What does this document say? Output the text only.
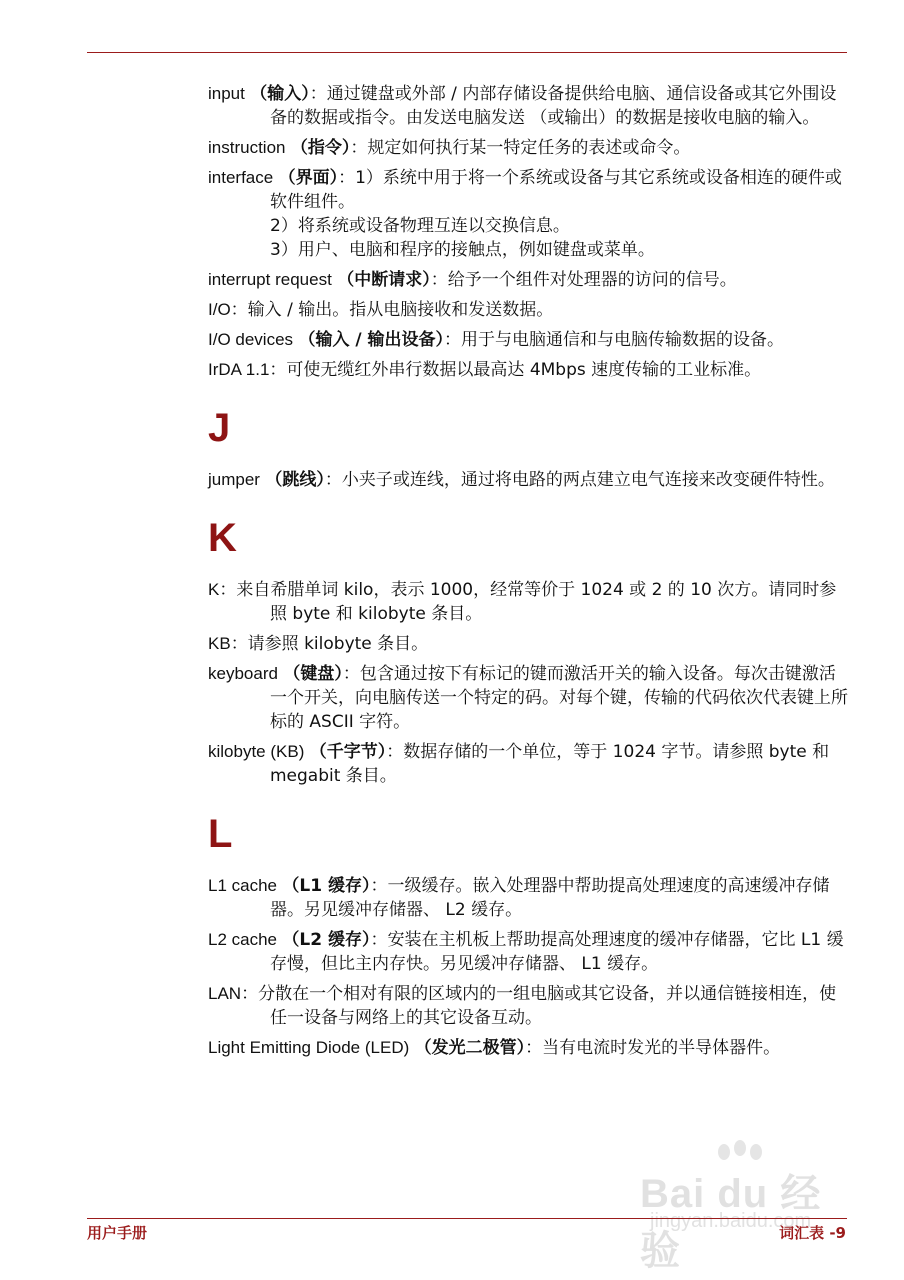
input （输入）：通过键盘或外部 / 内部存储设备提供给电脑、通信设备或其它外围设备的数据或指令。由发送电脑发送 （或输出）的数据是接收电脑的输入。
instruction （指令）：规定如何执行某一特定任务的表述或命令。
interface （界面）：1）系统中用于将一个系统或设备与其它系统或设备相连的硬件或软件组件。
2）将系统或设备物理互连以交换信息。
3）用户、电脑和程序的接触点，例如键盘或菜单。
interrupt request （中断请求）：给予一个组件对处理器的访问的信号。
I/O：输入 / 输出。指从电脑接收和发送数据。
I/O devices （输入 / 输出设备）：用于与电脑通信和与电脑传输数据的设备。
IrDA 1.1：可使无缆红外串行数据以最高达 4Mbps 速度传输的工业标准。
J
jumper （跳线）：小夹子或连线，通过将电路的两点建立电气连接来改变硬件特性。
K
K：来自希腊单词 kilo，表示 1000，经常等价于 1024 或 2 的 10 次方。请同时参照 byte 和 kilobyte 条目。
KB：请参照 kilobyte 条目。
keyboard （键盘）：包含通过按下有标记的键而激活开关的输入设备。每次击键激活一个开关，向电脑传送一个特定的码。对每个键，传输的代码依次代表键上所标的 ASCII 字符。
kilobyte (KB) （千字节）：数据存储的一个单位，等于 1024 字节。请参照 byte 和 megabit 条目。
L
L1 cache （L1 缓存）：一级缓存。嵌入处理器中帮助提高处理速度的高速缓冲存储器。另见缓冲存储器、 L2 缓存。
L2 cache （L2 缓存）：安装在主机板上帮助提高处理速度的缓冲存储器，它比 L1 缓存慢，但比主内存快。另见缓冲存储器、 L1 缓存。
LAN：分散在一个相对有限的区域内的一组电脑或其它设备，并以通信链接相连，使任一设备与网络上的其它设备互动。
Light Emitting Diode (LED) （发光二极管）：当有电流时发光的半导体器件。
Bai du 经验
jingyan.baidu.com
用户手册	词汇表 -9
